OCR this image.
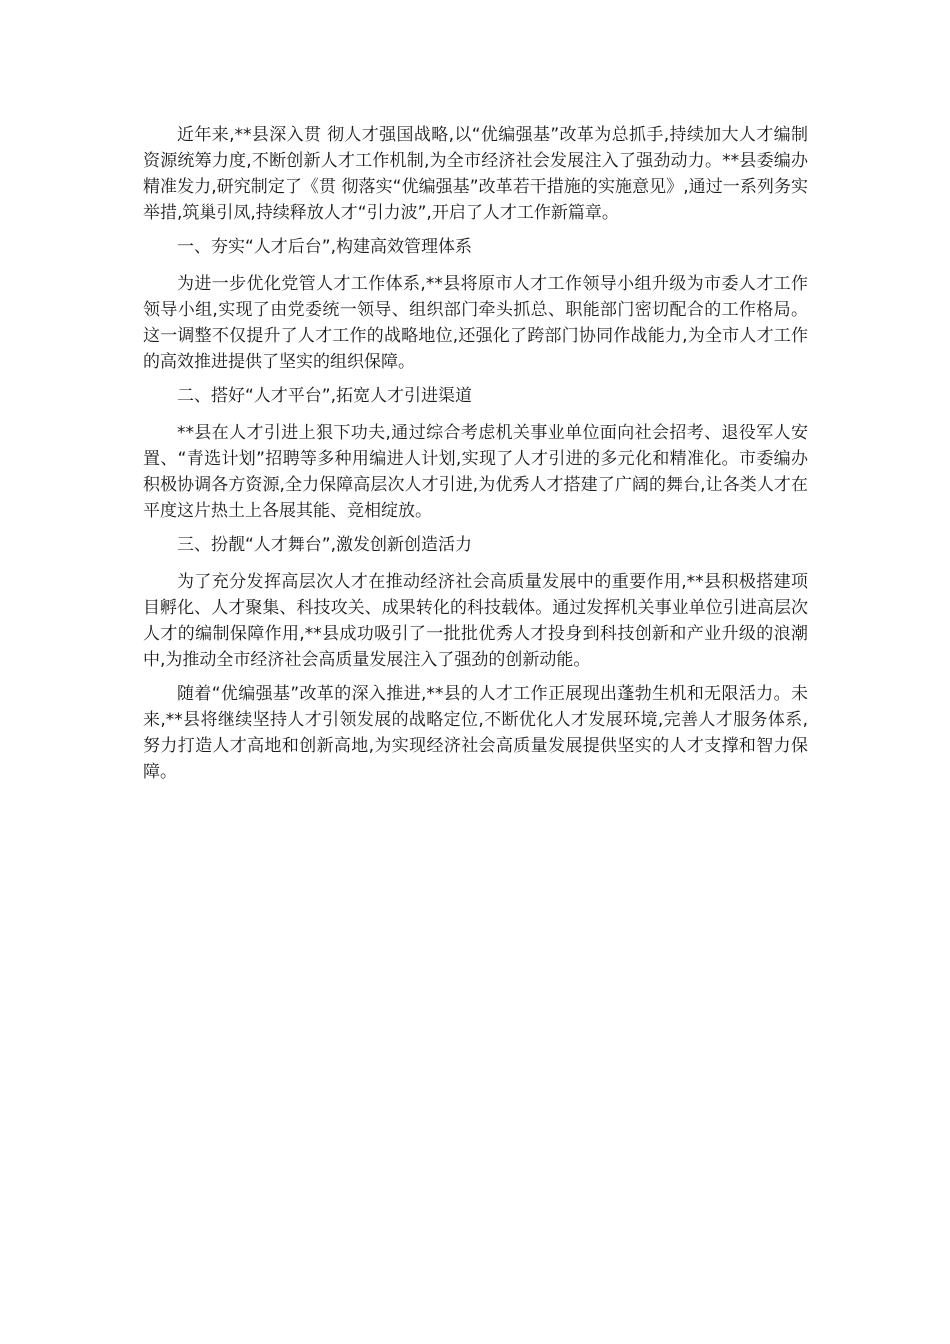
近年来,**县深入贯 彻人才强国战略,以“优编强基”改革为总抓手,持续加大人才编制资源统筹力度,不断创新人才工作机制,为全市经济社会发展注入了强劲动力。**县委编办精准发力,研究制定了《贯 彻落实“优编强基”改革若干措施的实施意见》,通过一系列务实举措,筑巢引凤,持续释放人才“引力波”,开启了人才工作新篇章。

一、夯实“人才后台”,构建高效管理体系

为进一步优化党管人才工作体系,**县将原市人才工作领导小组升级为市委人才工作领导小组,实现了由党委统一领导、组织部门牵头抓总、职能部门密切配合的工作格局。这一调整不仅提升了人才工作的战略地位,还强化了跨部门协同作战能力,为全市人才工作的高效推进提供了坚实的组织保障。

二、搭好“人才平台”,拓宽人才引进渠道

**县在人才引进上狠下功夫,通过综合考虑机关事业单位面向社会招考、退役军人安置、“青选计划”招聘等多种用编进人计划,实现了人才引进的多元化和精准化。市委编办积极协调各方资源,全力保障高层次人才引进,为优秀人才搭建了广阔的舞台,让各类人才在平度这片热土上各展其能、竞相绽放。

三、扮靓“人才舞台”,激发创新创造活力

为了充分发挥高层次人才在推动经济社会高质量发展中的重要作用,**县积极搭建项目孵化、人才聚集、科技攻关、成果转化的科技载体。通过发挥机关事业单位引进高层次人才的编制保障作用,**县成功吸引了一批批优秀人才投身到科技创新和产业升级的浪潮中,为推动全市经济社会高质量发展注入了强劲的创新动能。

随着“优编强基”改革的深入推进,**县的人才工作正展现出蓬勃生机和无限活力。未来,**县将继续坚持人才引领发展的战略定位,不断优化人才发展环境,完善人才服务体系,努力打造人才高地和创新高地,为实现经济社会高质量发展提供坚实的人才支撑和智力保障。
